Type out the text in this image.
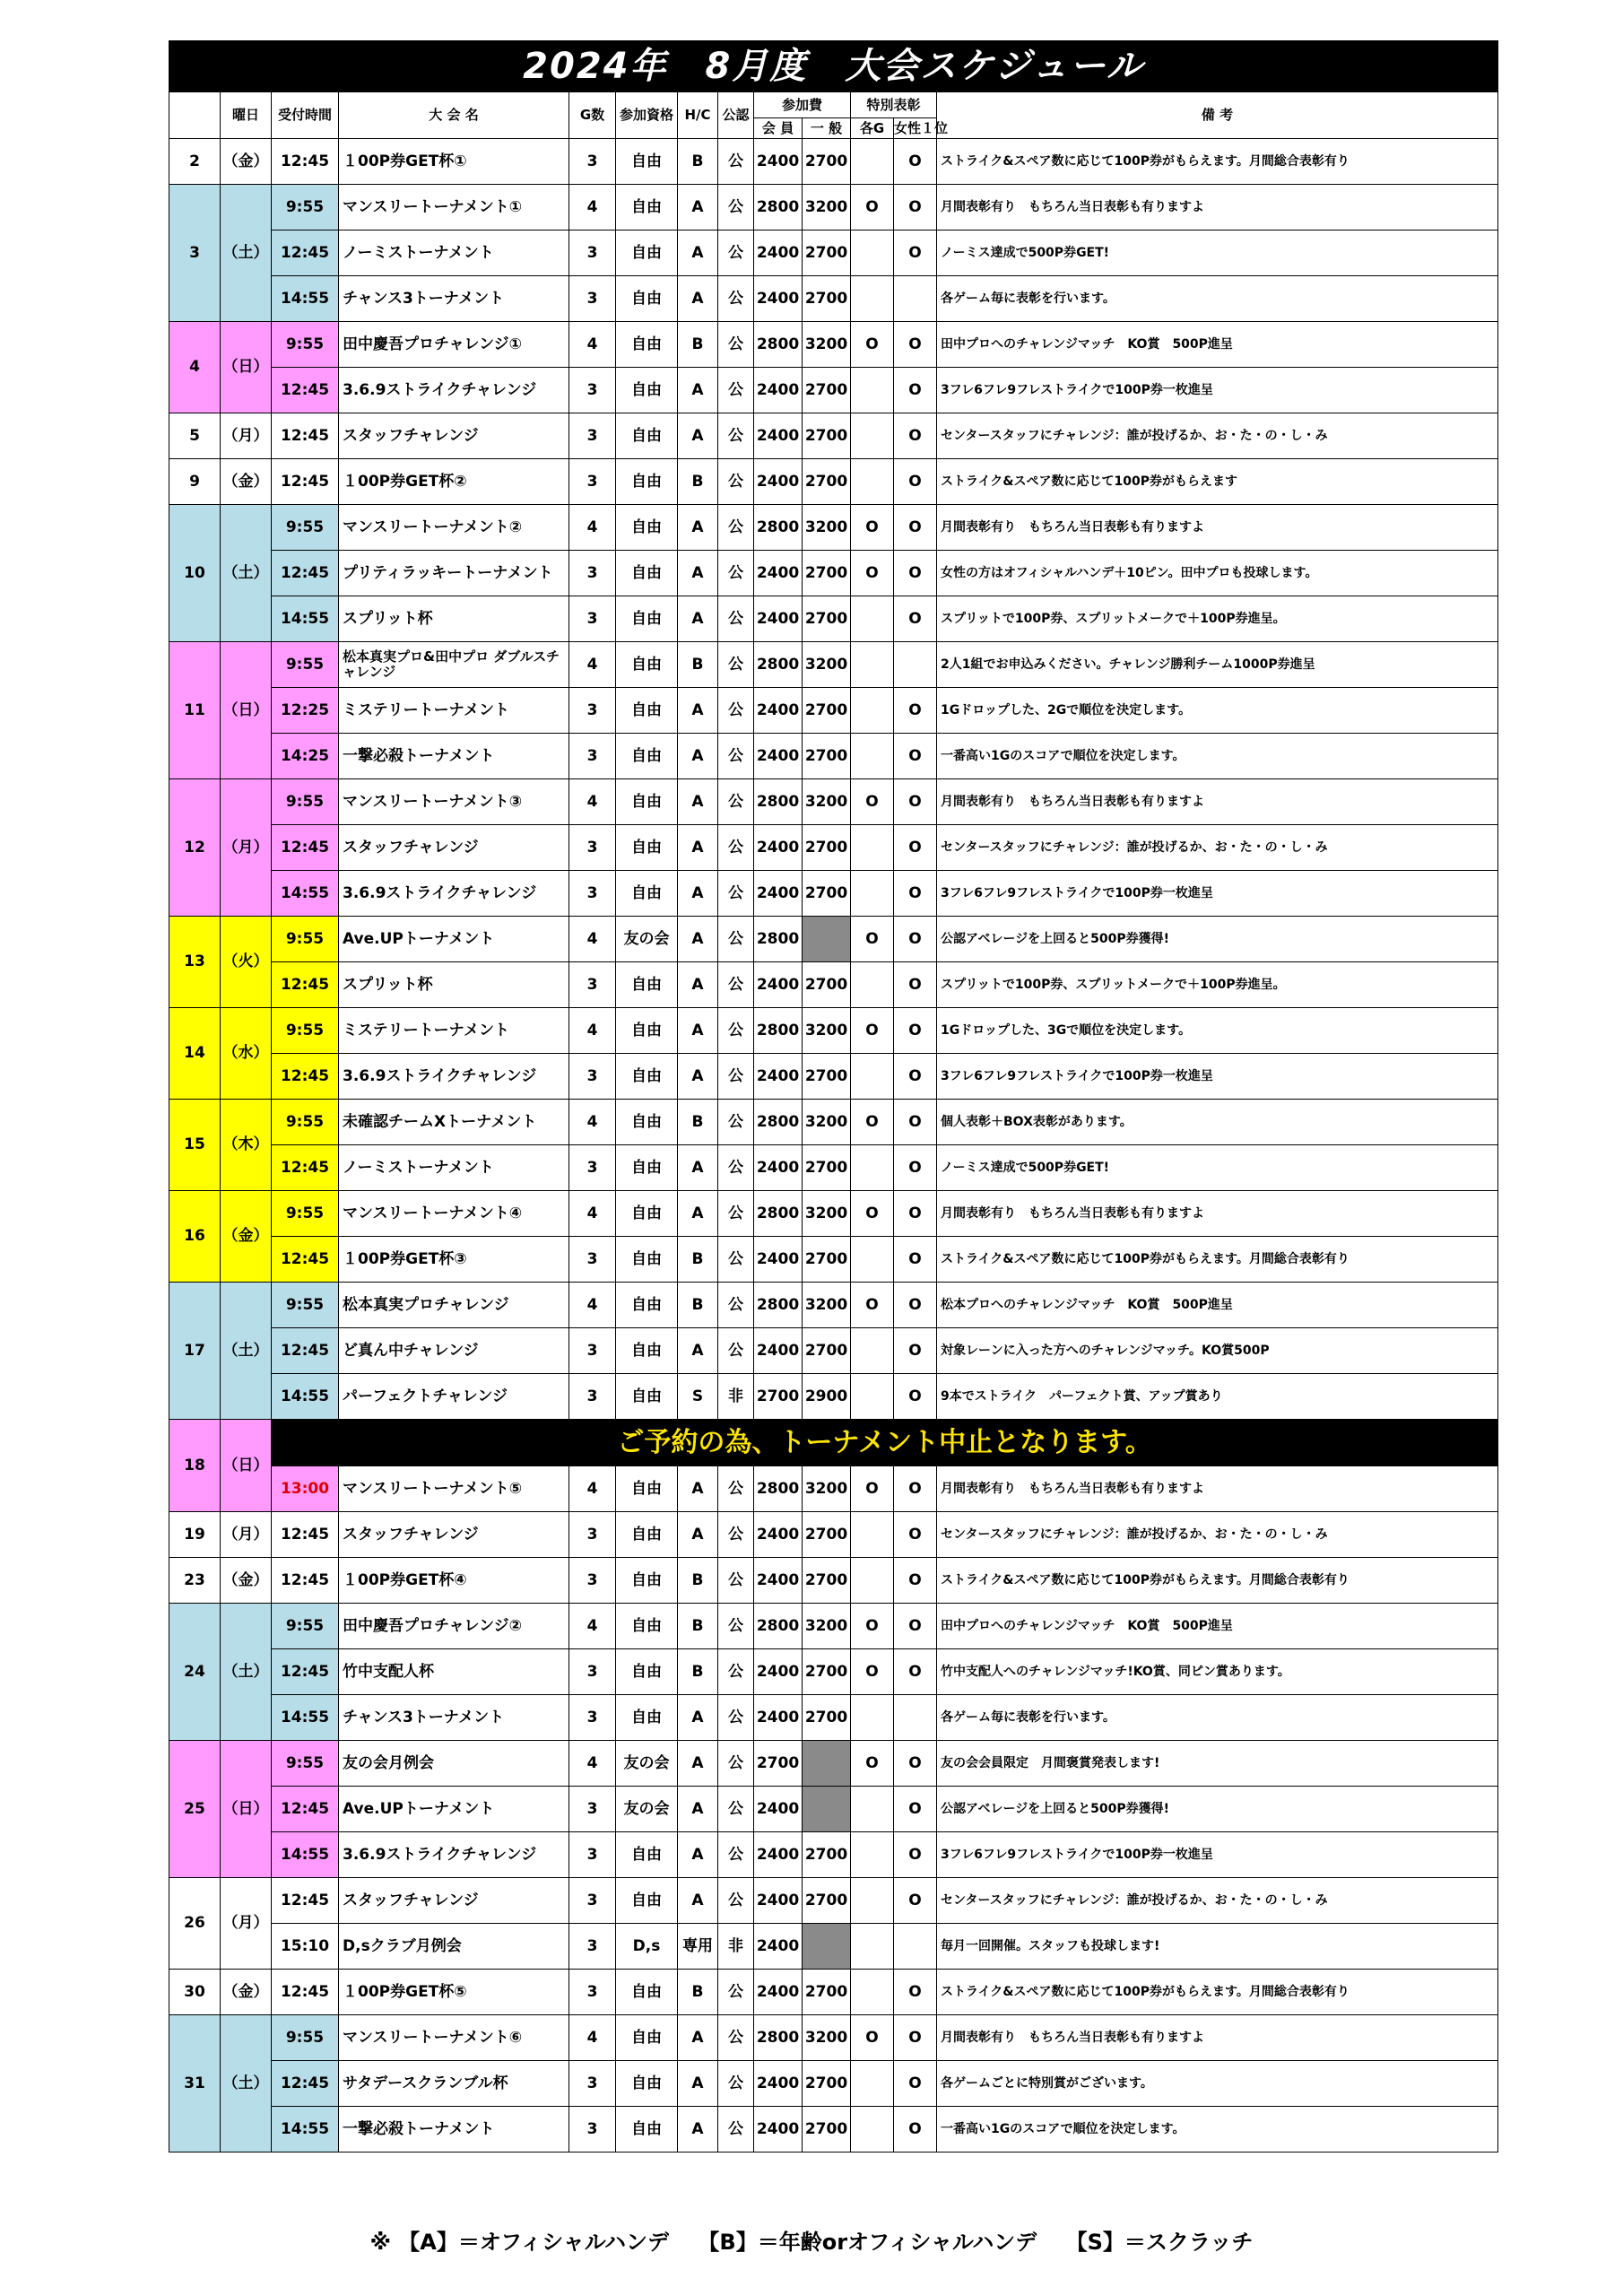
2024年　8月度　大会スケジュール												
	曜日	受付時間	大 会 名	G数	参加資格	H/C	公認	参加費		特別表彰		備 考
								会 員	一 般	各G	女性１位	
2	（金）	12:45	１00P券GET杯①	3	自由	B	公	2400	2700		O	ストライク&スペア数に応じて100P券がもらえます。月間総合表彰有り
3	（土）	9:55	マンスリートーナメント①	4	自由	A	公	2800	3200	O	O	月間表彰有り　もちろん当日表彰も有りますよ
		12:45	ノーミストーナメント	3	自由	A	公	2400	2700		O	ノーミス達成で500P券GET!
		14:55	チャンス3トーナメント	3	自由	A	公	2400	2700			各ゲーム毎に表彰を行います。
4	（日）	9:55	田中慶吾プロチャレンジ①	4	自由	B	公	2800	3200	O	O	田中プロへのチャレンジマッチ　KO賞　500P進呈
		12:45	3.6.9ストライクチャレンジ	3	自由	A	公	2400	2700		O	3フレ6フレ9フレストライクで100P券一枚進呈
5	（月）	12:45	スタッフチャレンジ	3	自由	A	公	2400	2700		O	センタースタッフにチャレンジ：誰が投げるか、お・た・の・し・み
9	（金）	12:45	１00P券GET杯②	3	自由	B	公	2400	2700		O	ストライク&スペア数に応じて100P券がもらえます
10	（土）	9:55	マンスリートーナメント②	4	自由	A	公	2800	3200	O	O	月間表彰有り　もちろん当日表彰も有りますよ
		12:45	プリティラッキートーナメント	3	自由	A	公	2400	2700	O	O	女性の方はオフィシャルハンデ＋10ピン。田中プロも投球します。
		14:55	スプリット杯	3	自由	A	公	2400	2700		O	スプリットで100P券、スプリットメークで＋100P券進呈。
11	（日）	9:55	松本真実プロ&田中プロ ダブルスチャレンジ	4	自由	B	公	2800	3200			2人1組でお申込みください。チャレンジ勝利チーム1000P券進呈
		12:25	ミステリートーナメント	3	自由	A	公	2400	2700		O	1Gドロップした、2Gで順位を決定します。
		14:25	一撃必殺トーナメント	3	自由	A	公	2400	2700		O	一番高い1Gのスコアで順位を決定します。
12	（月）	9:55	マンスリートーナメント③	4	自由	A	公	2800	3200	O	O	月間表彰有り　もちろん当日表彰も有りますよ
		12:45	スタッフチャレンジ	3	自由	A	公	2400	2700		O	センタースタッフにチャレンジ：誰が投げるか、お・た・の・し・み
		14:55	3.6.9ストライクチャレンジ	3	自由	A	公	2400	2700		O	3フレ6フレ9フレストライクで100P券一枚進呈
13	（火）	9:55	Ave.UPトーナメント	4	友の会	A	公	2800		O	O	公認アベレージを上回ると500P券獲得!
		12:45	スプリット杯	3	自由	A	公	2400	2700		O	スプリットで100P券、スプリットメークで＋100P券進呈。
14	（水）	9:55	ミステリートーナメント	4	自由	A	公	2800	3200	O	O	1Gドロップした、3Gで順位を決定します。
		12:45	3.6.9ストライクチャレンジ	3	自由	A	公	2400	2700		O	3フレ6フレ9フレストライクで100P券一枚進呈
15	（木）	9:55	未確認チームXトーナメント	4	自由	B	公	2800	3200	O	O	個人表彰＋BOX表彰があります。
		12:45	ノーミストーナメント	3	自由	A	公	2400	2700		O	ノーミス達成で500P券GET!
16	（金）	9:55	マンスリートーナメント④	4	自由	A	公	2800	3200	O	O	月間表彰有り　もちろん当日表彰も有りますよ
		12:45	１00P券GET杯③	3	自由	B	公	2400	2700		O	ストライク&スペア数に応じて100P券がもらえます。月間総合表彰有り
17	（土）	9:55	松本真実プロチャレンジ	4	自由	B	公	2800	3200	O	O	松本プロへのチャレンジマッチ　KO賞　500P進呈
		12:45	ど真ん中チャレンジ	3	自由	A	公	2400	2700		O	対象レーンに入った方へのチャレンジマッチ。KO賞500P
		14:55	パーフェクトチャレンジ	3	自由	S	非	2700	2900		O	9本でストライク　パーフェクト賞、アップ賞あり
18	（日）	ご予約の為、トーナメント中止となります。										
		13:00	マンスリートーナメント⑤	4	自由	A	公	2800	3200	O	O	月間表彰有り　もちろん当日表彰も有りますよ
19	（月）	12:45	スタッフチャレンジ	3	自由	A	公	2400	2700		O	センタースタッフにチャレンジ：誰が投げるか、お・た・の・し・み
23	（金）	12:45	１00P券GET杯④	3	自由	B	公	2400	2700		O	ストライク&スペア数に応じて100P券がもらえます。月間総合表彰有り
24	（土）	9:55	田中慶吾プロチャレンジ②	4	自由	B	公	2800	3200	O	O	田中プロへのチャレンジマッチ　KO賞　500P進呈
		12:45	竹中支配人杯	3	自由	B	公	2400	2700	O	O	竹中支配人へのチャレンジマッチ!KO賞、同ピン賞あります。
		14:55	チャンス3トーナメント	3	自由	A	公	2400	2700			各ゲーム毎に表彰を行います。
25	（日）	9:55	友の会月例会	4	友の会	A	公	2700		O	O	友の会会員限定　月間褒賞発表します!
		12:45	Ave.UPトーナメント	3	友の会	A	公	2400			O	公認アベレージを上回ると500P券獲得!
		14:55	3.6.9ストライクチャレンジ	3	自由	A	公	2400	2700		O	3フレ6フレ9フレストライクで100P券一枚進呈
26	（月）	12:45	スタッフチャレンジ	3	自由	A	公	2400	2700		O	センタースタッフにチャレンジ：誰が投げるか、お・た・の・し・み
		15:10	D,sクラブ月例会	3	D,s	専用	非	2400				毎月一回開催。スタッフも投球します!
30	（金）	12:45	１00P券GET杯⑤	3	自由	B	公	2400	2700		O	ストライク&スペア数に応じて100P券がもらえます。月間総合表彰有り
31	（土）	9:55	マンスリートーナメント⑥	4	自由	A	公	2800	3200	O	O	月間表彰有り　もちろん当日表彰も有りますよ
		12:45	サタデースクランブル杯	3	自由	A	公	2400	2700		O	各ゲームごとに特別賞がございます。
		14:55	一撃必殺トーナメント	3	自由	A	公	2400	2700		O	一番高い1Gのスコアで順位を決定します。
※ 【A】＝オフィシャルハンデ　 【B】＝年齢orオフィシャルハンデ　 【S】＝スクラッチ
